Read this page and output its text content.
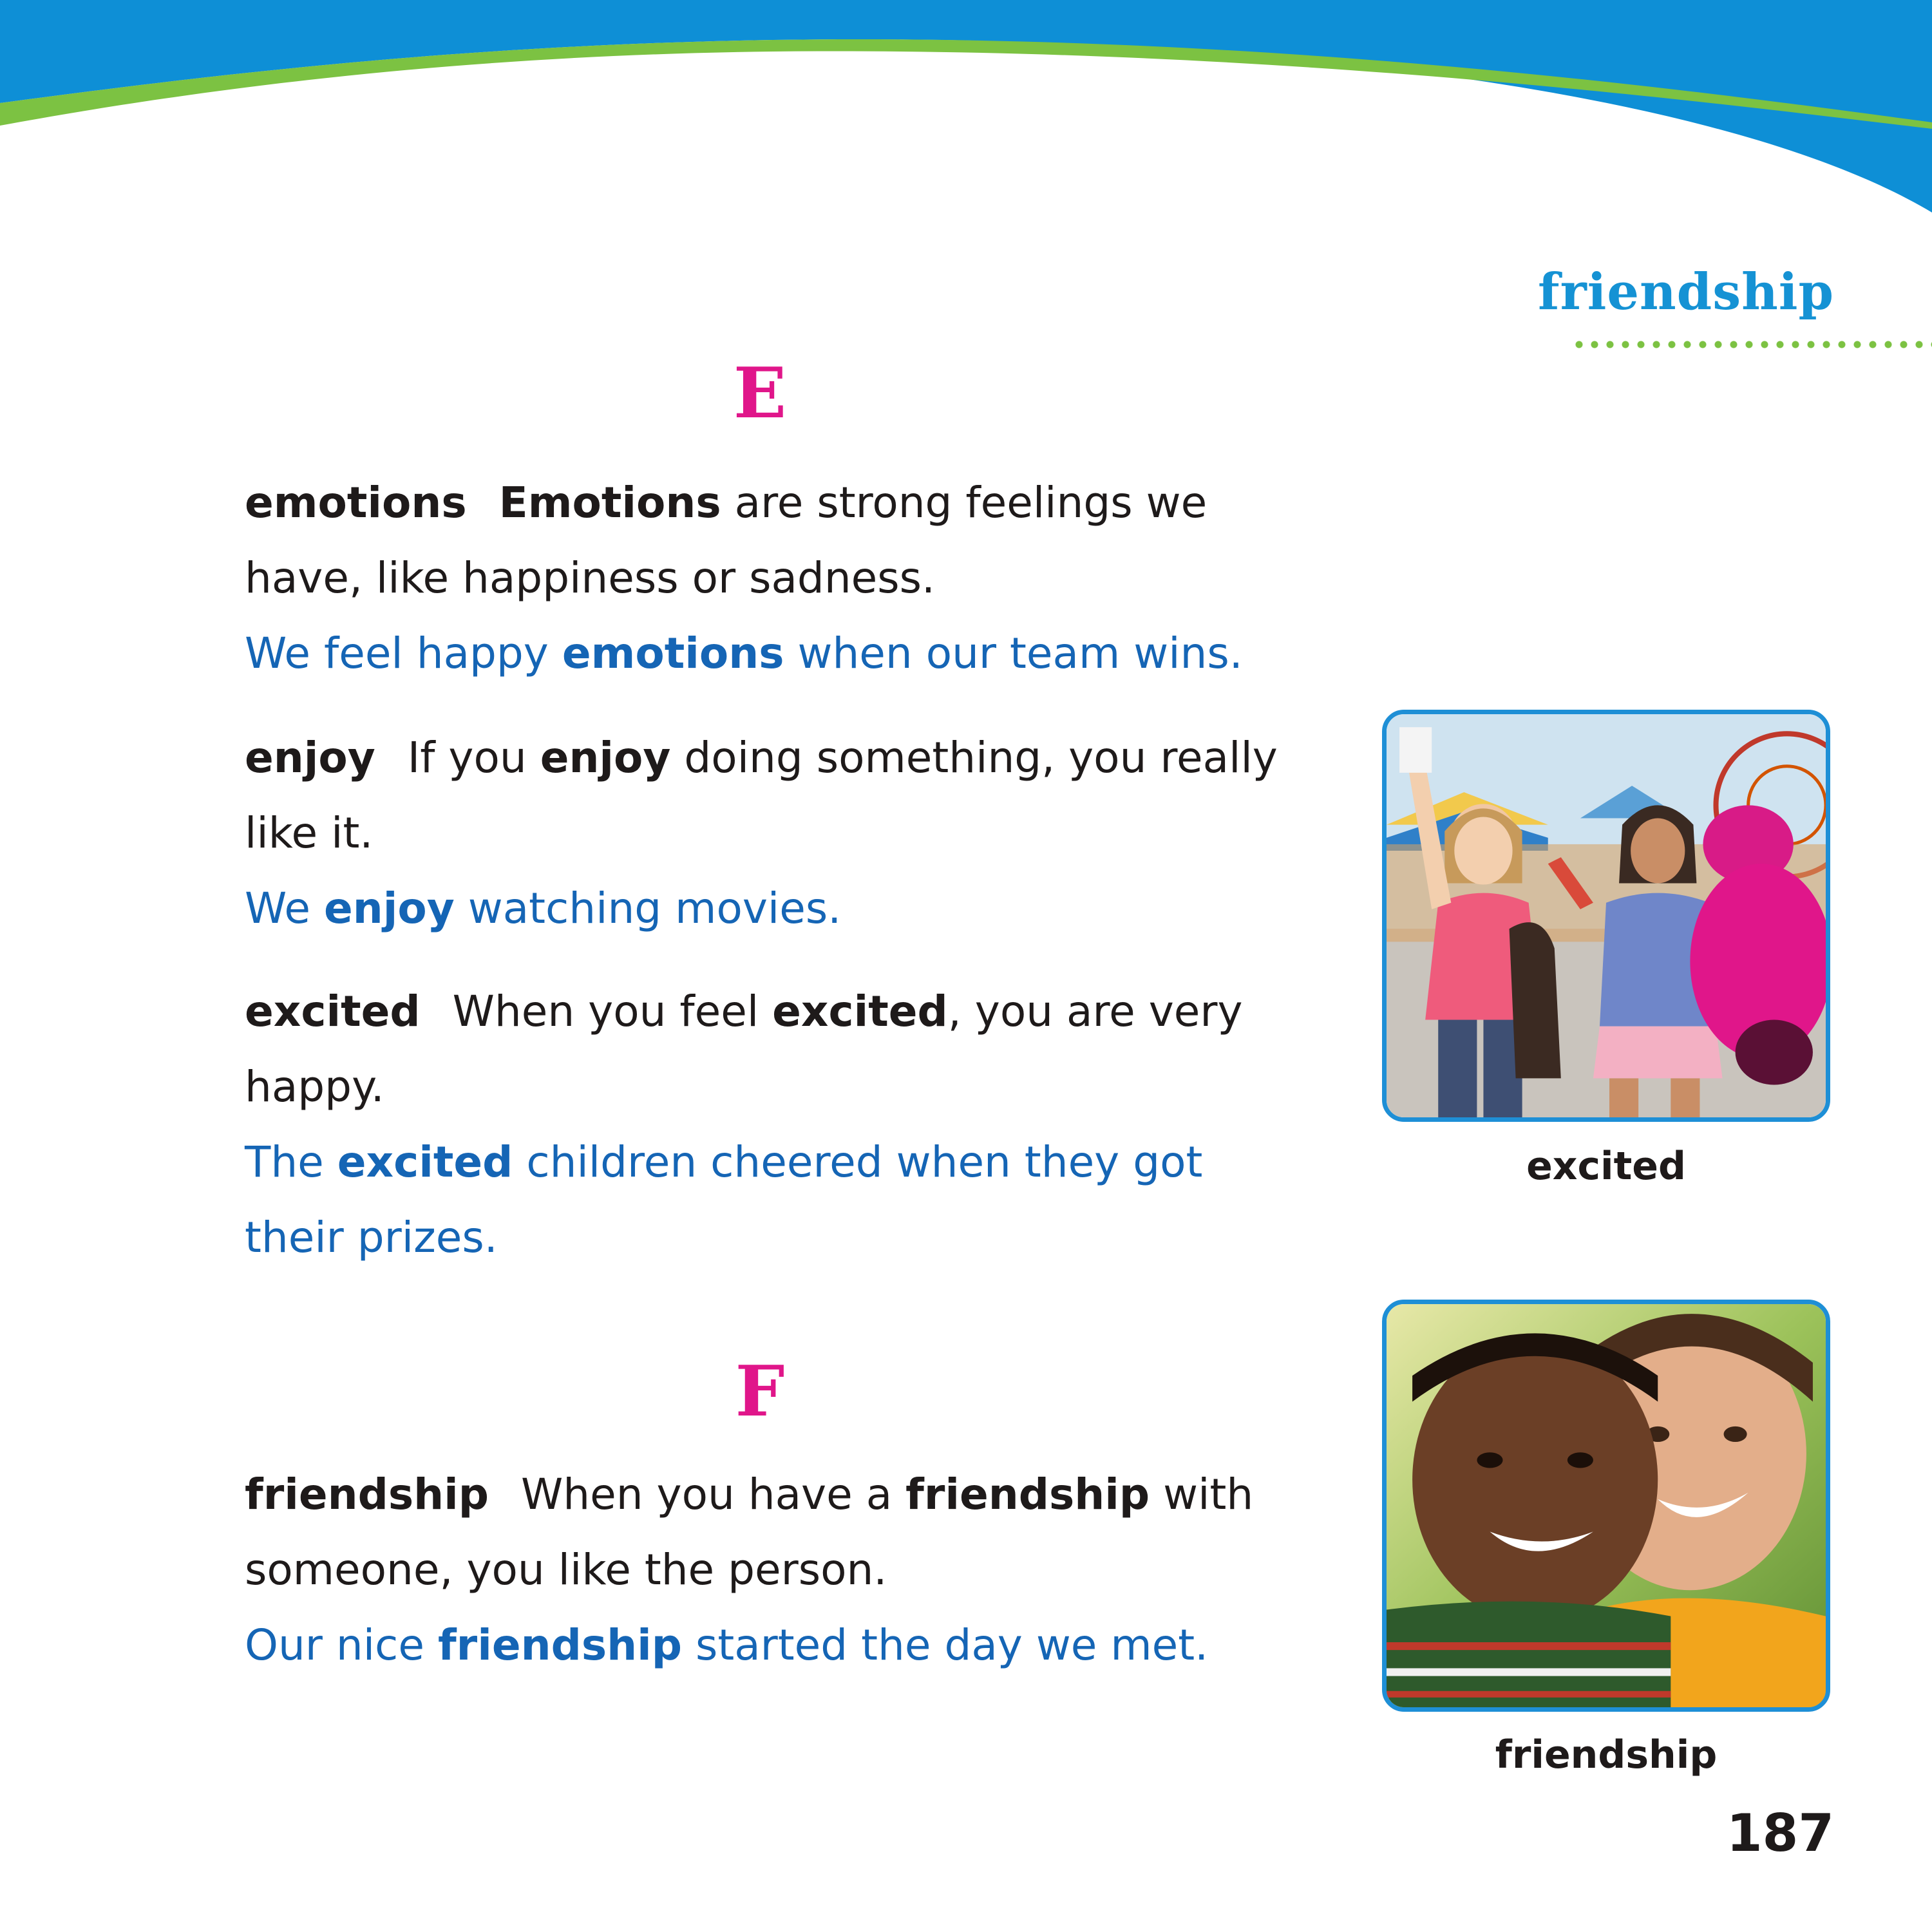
friendship
E

emotions Emotions are strong feelings we have, like happiness or sadness.

We feel happy emotions when our team wins.

enjoy If you enjoy doing something, you really like it.

We enjoy watching movies.

excited When you feel excited, you are very happy.

The excited children cheered when they got their prizes.

F

friendship When you have a friendship with someone, you like the person.

Our nice friendship started the day we met.

excited
friendship
187
